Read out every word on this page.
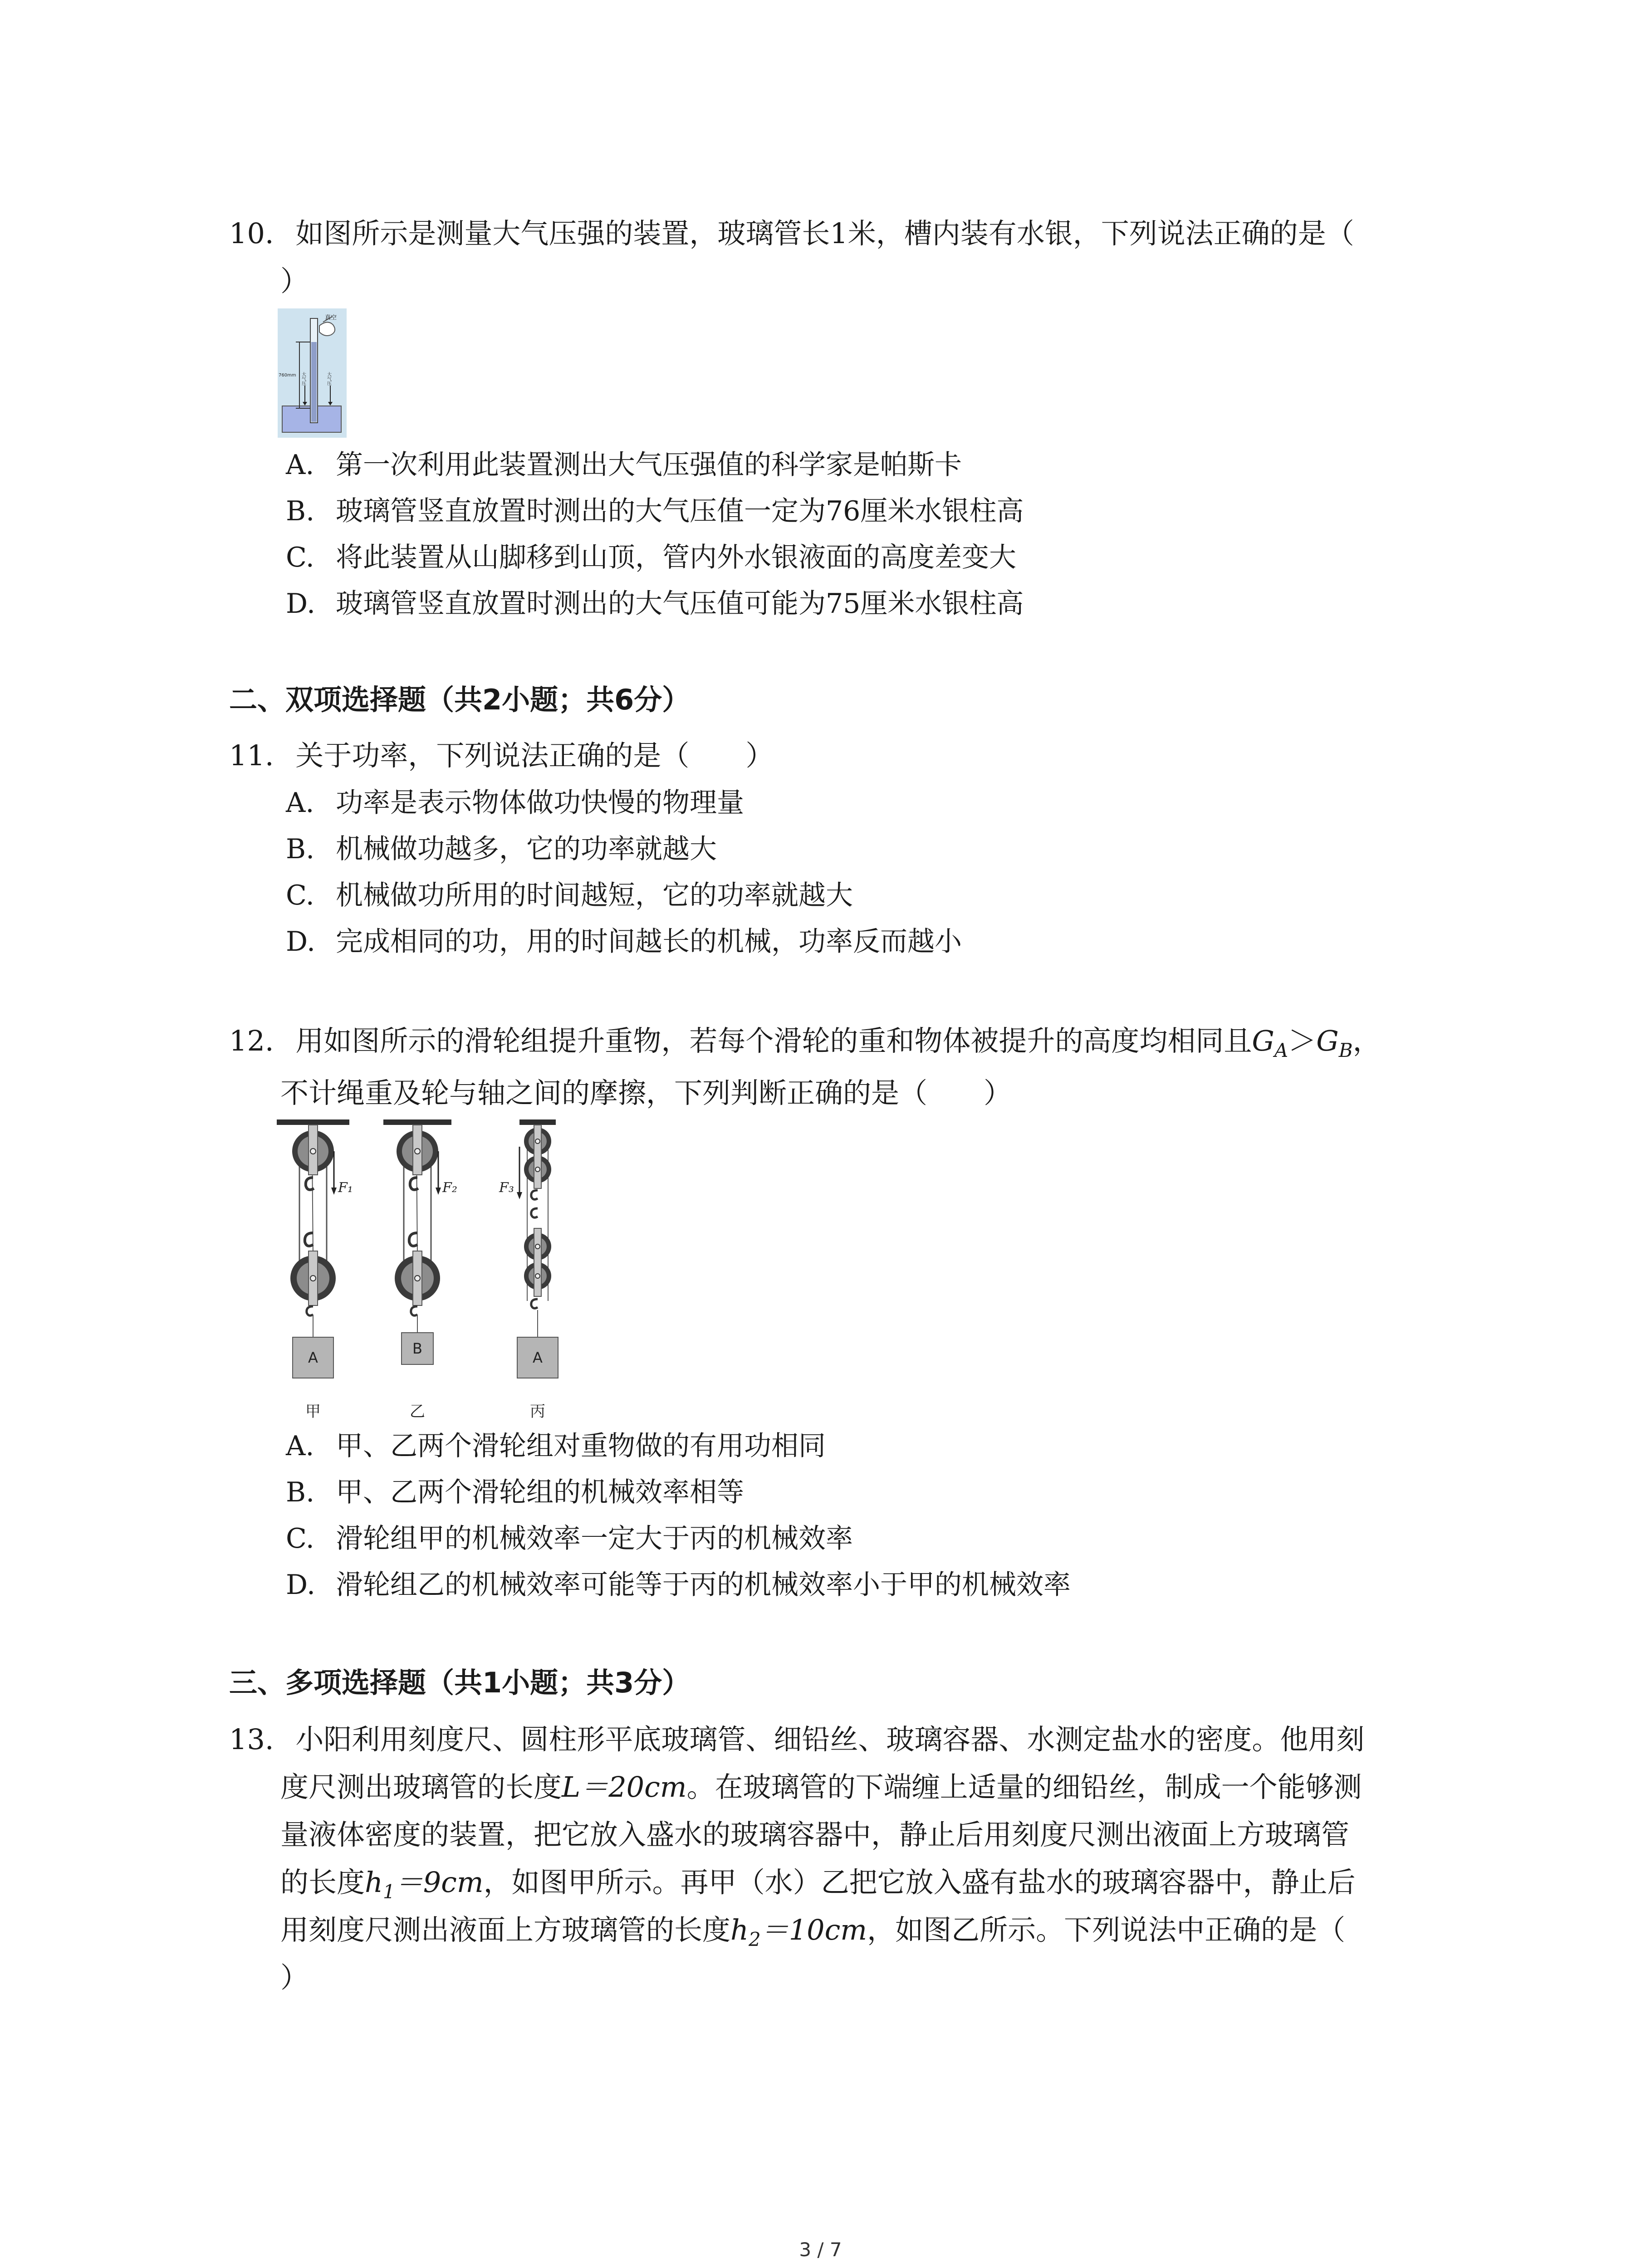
10. 如图所示是测量大气压强的装置，玻璃管长1米，槽内装有水银，下列说法正确的是（
）
真空
760mm 大气压	大气压
A. 第一次利用此装置测出大气压强值的科学家是帕斯卡
B. 玻璃管竖直放置时测出的大气压值一定为76厘米水银柱高
C. 将此装置从山脚移到山顶，管内外水银液面的高度差变大
D. 玻璃管竖直放置时测出的大气压值可能为75厘米水银柱高
二、双项选择题（共2小题；共6分）
11. 关于功率，下列说法正确的是（　　）
A. 功率是表示物体做功快慢的物理量
B. 机械做功越多，它的功率就越大
C. 机械做功所用的时间越短，它的功率就越大
D. 完成相同的功，用的时间越长的机械，功率反而越小
12. 用如图所示的滑轮组提升重物，若每个滑轮的重和物体被提升的高度均相同且$G_A>G_B$，
不计绳重及轮与轴之间的摩擦，下列判断正确的是（　　）
F₁
A
甲
F₂
B
乙
F₃
A
丙
A. 甲、乙两个滑轮组对重物做的有用功相同
B. 甲、乙两个滑轮组的机械效率相等
C. 滑轮组甲的机械效率一定大于丙的机械效率
D. 滑轮组乙的机械效率可能等于丙的机械效率小于甲的机械效率
三、多项选择题（共1小题；共3分）
13. 小阳利用刻度尺、圆柱形平底玻璃管、细铅丝、玻璃容器、水测定盐水的密度。他用刻
度尺测出玻璃管的长度L＝20cm。在玻璃管的下端缠上适量的细铅丝，制成一个能够测
量液体密度的装置，把它放入盛水的玻璃容器中，静止后用刻度尺测出液面上方玻璃管
的长度$h_1=9cm$，如图甲所示。再甲（水）乙把它放入盛有盐水的玻璃容器中，静止后
用刻度尺测出液面上方玻璃管的长度$h_2=10cm$，如图乙所示。下列说法中正确的是（
）
3 / 7
